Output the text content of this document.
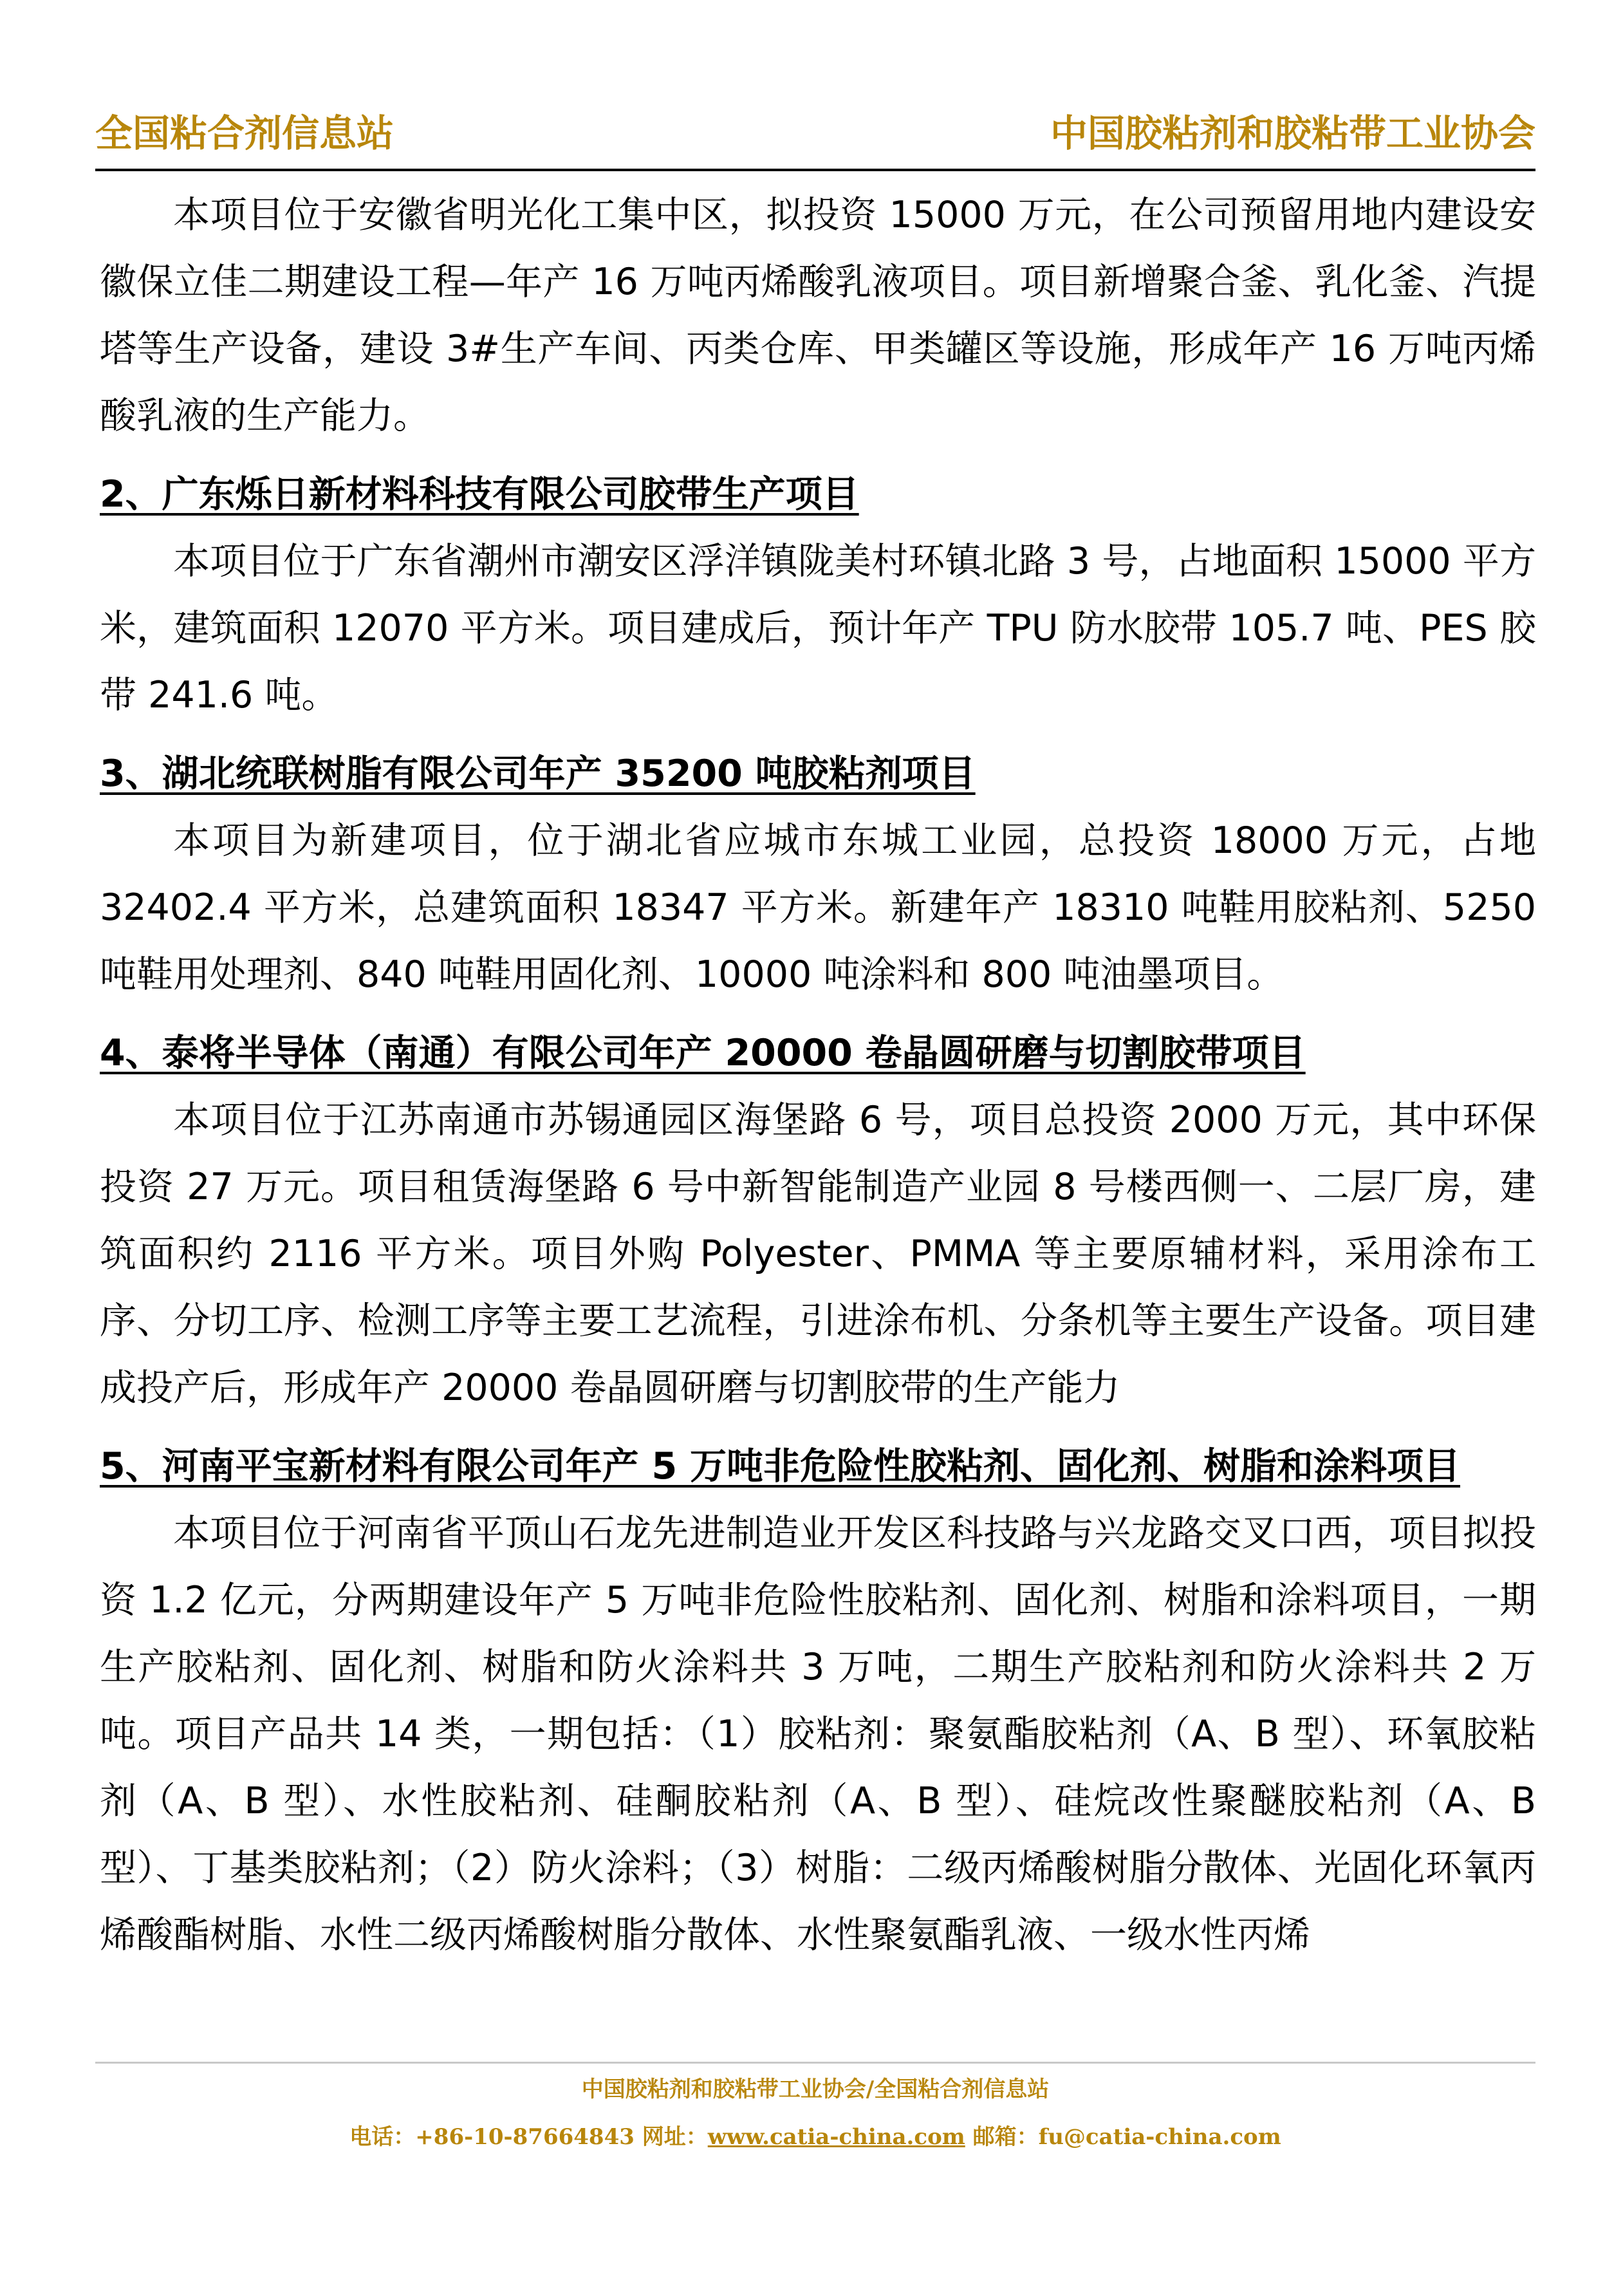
全国粘合剂信息站	中国胶粘剂和胶粘带工业协会

本项目位于安徽省明光化工集中区，拟投资 15000 万元，在公司预留用地内建设安徽保立佳二期建设工程—年产 16 万吨丙烯酸乳液项目。项目新增聚合釜、乳化釜、汽提塔等生产设备，建设 3#生产车间、丙类仓库、甲类罐区等设施，形成年产 16 万吨丙烯酸乳液的生产能力。

2、广东烁日新材料科技有限公司胶带生产项目

本项目位于广东省潮州市潮安区浮洋镇陇美村环镇北路 3 号，占地面积 15000 平方米，建筑面积 12070 平方米。项目建成后，预计年产 TPU 防水胶带 105.7 吨、PES 胶带 241.6 吨。

3、湖北统联树脂有限公司年产 35200 吨胶粘剂项目

本项目为新建项目，位于湖北省应城市东城工业园，总投资 18000 万元，占地 32402.4 平方米，总建筑面积 18347 平方米。新建年产 18310 吨鞋用胶粘剂、5250 吨鞋用处理剂、840 吨鞋用固化剂、10000 吨涂料和 800 吨油墨项目。

4、泰将半导体（南通）有限公司年产 20000 卷晶圆研磨与切割胶带项目

本项目位于江苏南通市苏锡通园区海堡路 6 号，项目总投资 2000 万元，其中环保投资 27 万元。项目租赁海堡路 6 号中新智能制造产业园 8 号楼西侧一、二层厂房，建筑面积约 2116 平方米。项目外购 Polyester、PMMA 等主要原辅材料，采用涂布工序、分切工序、检测工序等主要工艺流程，引进涂布机、分条机等主要生产设备。项目建成投产后，形成年产 20000 卷晶圆研磨与切割胶带的生产能力

5、河南平宝新材料有限公司年产 5 万吨非危险性胶粘剂、固化剂、树脂和涂料项目

本项目位于河南省平顶山石龙先进制造业开发区科技路与兴龙路交叉口西，项目拟投资 1.2 亿元，分两期建设年产 5 万吨非危险性胶粘剂、固化剂、树脂和涂料项目，一期生产胶粘剂、固化剂、树脂和防火涂料共 3 万吨，二期生产胶粘剂和防火涂料共 2 万吨。项目产品共 14 类，一期包括：（1）胶粘剂：聚氨酯胶粘剂（A、B 型）、环氧胶粘剂（A、B 型）、水性胶粘剂、硅酮胶粘剂（A、B 型）、硅烷改性聚醚胶粘剂（A、B 型）、丁基类胶粘剂；（2）防火涂料；（3）树脂：二级丙烯酸树脂分散体、光固化环氧丙烯酸酯树脂、水性二级丙烯酸树脂分散体、水性聚氨酯乳液、一级水性丙烯

中国胶粘剂和胶粘带工业协会/全国粘合剂信息站
电话：+86-10-87664843 网址：www.catia-china.com 邮箱：fu@catia-china.com
